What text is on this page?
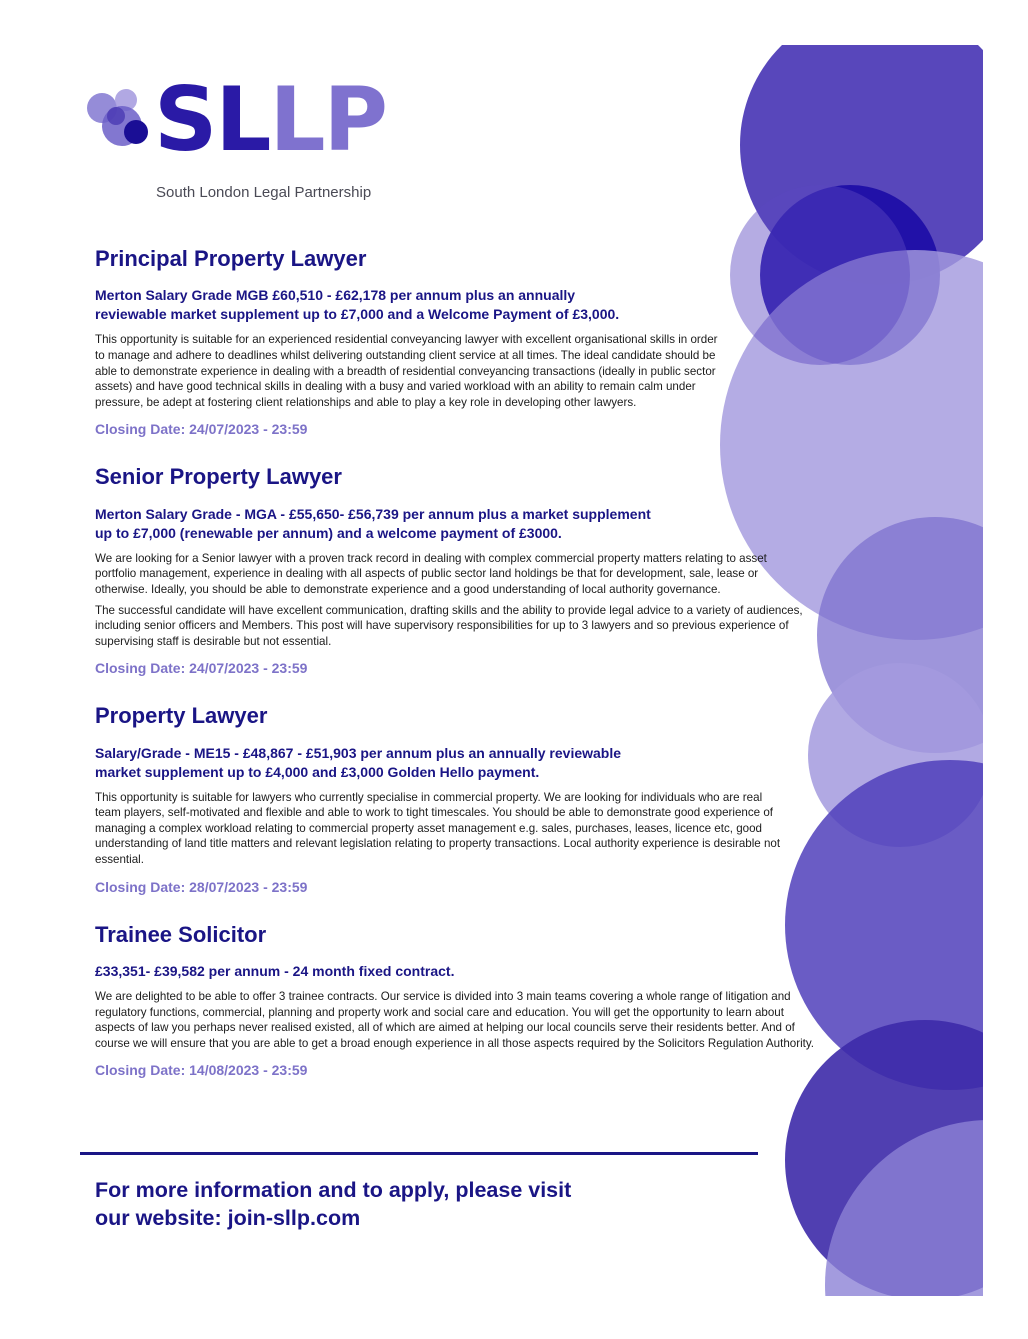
SLLP
South London Legal Partnership
Principal Property Lawyer
Merton Salary Grade MGB £60,510 - £62,178 per annum plus an annually
reviewable market supplement up to £7,000 and a Welcome Payment of £3,000.

This opportunity is suitable for an experienced residential conveyancing lawyer with excellent organisational skills in order to manage and adhere to deadlines whilst delivering outstanding client service at all times. The ideal candidate should be able to demonstrate experience in dealing with a breadth of residential conveyancing transactions (ideally in public sector assets) and have good technical skills in dealing with a busy and varied workload with an ability to remain calm under pressure, be adept at fostering client relationships and able to play a key role in developing other lawyers.

Closing Date: 24/07/2023 - 23:59
Senior Property Lawyer
Merton Salary Grade - MGA - £55,650- £56,739 per annum plus a market supplement
up to £7,000 (renewable per annum) and a welcome payment of £3000.

We are looking for a Senior lawyer with a proven track record in dealing with complex commercial property matters relating to asset portfolio management, experience in dealing with all aspects of public sector land holdings be that for development, sale, lease or otherwise. Ideally, you should be able to demonstrate experience and a good understanding of local authority governance.

The successful candidate will have excellent communication, drafting skills and the ability to provide legal advice to a variety of audiences, including senior officers and Members. This post will have supervisory responsibilities for up to 3 lawyers and so previous experience of supervising staff is desirable but not essential.

Closing Date: 24/07/2023 - 23:59
Property Lawyer
Salary/Grade - ME15 - £48,867 - £51,903 per annum plus an annually reviewable
market supplement up to £4,000 and £3,000 Golden Hello payment.

This opportunity is suitable for lawyers who currently specialise in commercial property. We are looking for individuals who are real team players, self-motivated and flexible and able to work to tight timescales. You should be able to demonstrate good experience of managing a complex workload relating to commercial property asset management e.g. sales, purchases, leases, licence etc, good understanding of land title matters and relevant legislation relating to property transactions. Local authority experience is desirable not essential.

Closing Date: 28/07/2023 - 23:59
Trainee Solicitor
£33,351- £39,582 per annum - 24 month fixed contract.

We are delighted to be able to offer 3 trainee contracts. Our service is divided into 3 main teams covering a whole range of litigation and regulatory functions, commercial, planning and property work and social care and education. You will get the opportunity to learn about aspects of law you perhaps never realised existed, all of which are aimed at helping our local councils serve their residents better. And of course we will ensure that you are able to get a broad enough experience in all those aspects required by the Solicitors Regulation Authority.

Closing Date: 14/08/2023 - 23:59
For more information and to apply, please visit
our website: join-sllp.com
